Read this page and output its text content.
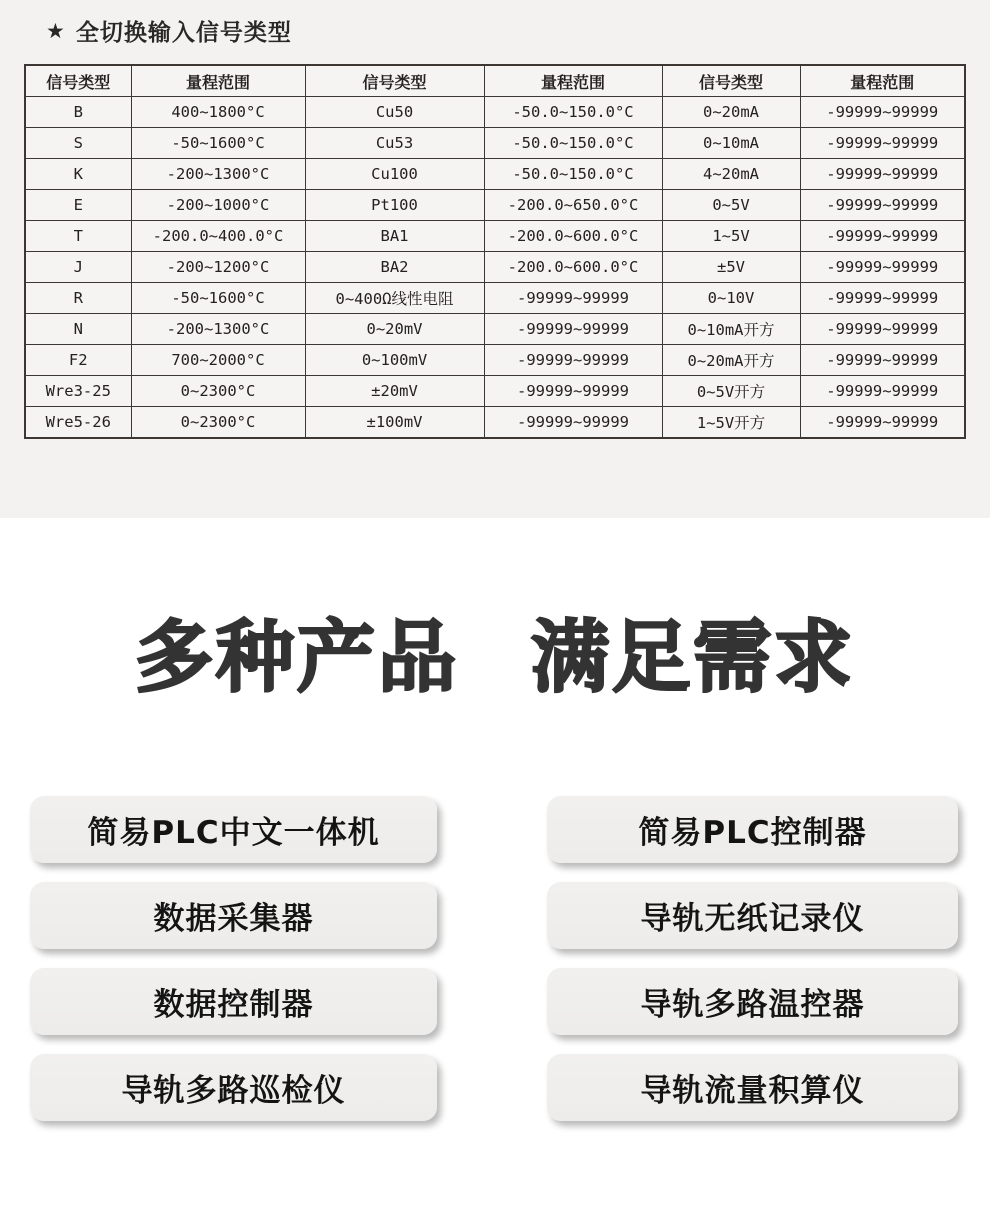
★ 全切换输入信号类型
信号类型	量程范围	信号类型	量程范围	信号类型	量程范围
B	400~1800°C	Cu50	-50.0~150.0°C	0~20mA	-99999~99999
S	-50~1600°C	Cu53	-50.0~150.0°C	0~10mA	-99999~99999
K	-200~1300°C	Cu100	-50.0~150.0°C	4~20mA	-99999~99999
E	-200~1000°C	Pt100	-200.0~650.0°C	0~5V	-99999~99999
T	-200.0~400.0°C	BA1	-200.0~600.0°C	1~5V	-99999~99999
J	-200~1200°C	BA2	-200.0~600.0°C	±5V	-99999~99999
R	-50~1600°C	0~400Ω线性电阻	-99999~99999	0~10V	-99999~99999
N	-200~1300°C	0~20mV	-99999~99999	0~10mA开方	-99999~99999
F2	700~2000°C	0~100mV	-99999~99999	0~20mA开方	-99999~99999
Wre3-25	0~2300°C	±20mV	-99999~99999	0~5V开方	-99999~99999
Wre5-26	0~2300°C	±100mV	-99999~99999	1~5V开方	-99999~99999
多种产品 满足需求
简易PLC中文一体机
数据采集器
数据控制器
导轨多路巡检仪
简易PLC控制器
导轨无纸记录仪
导轨多路温控器
导轨流量积算仪
